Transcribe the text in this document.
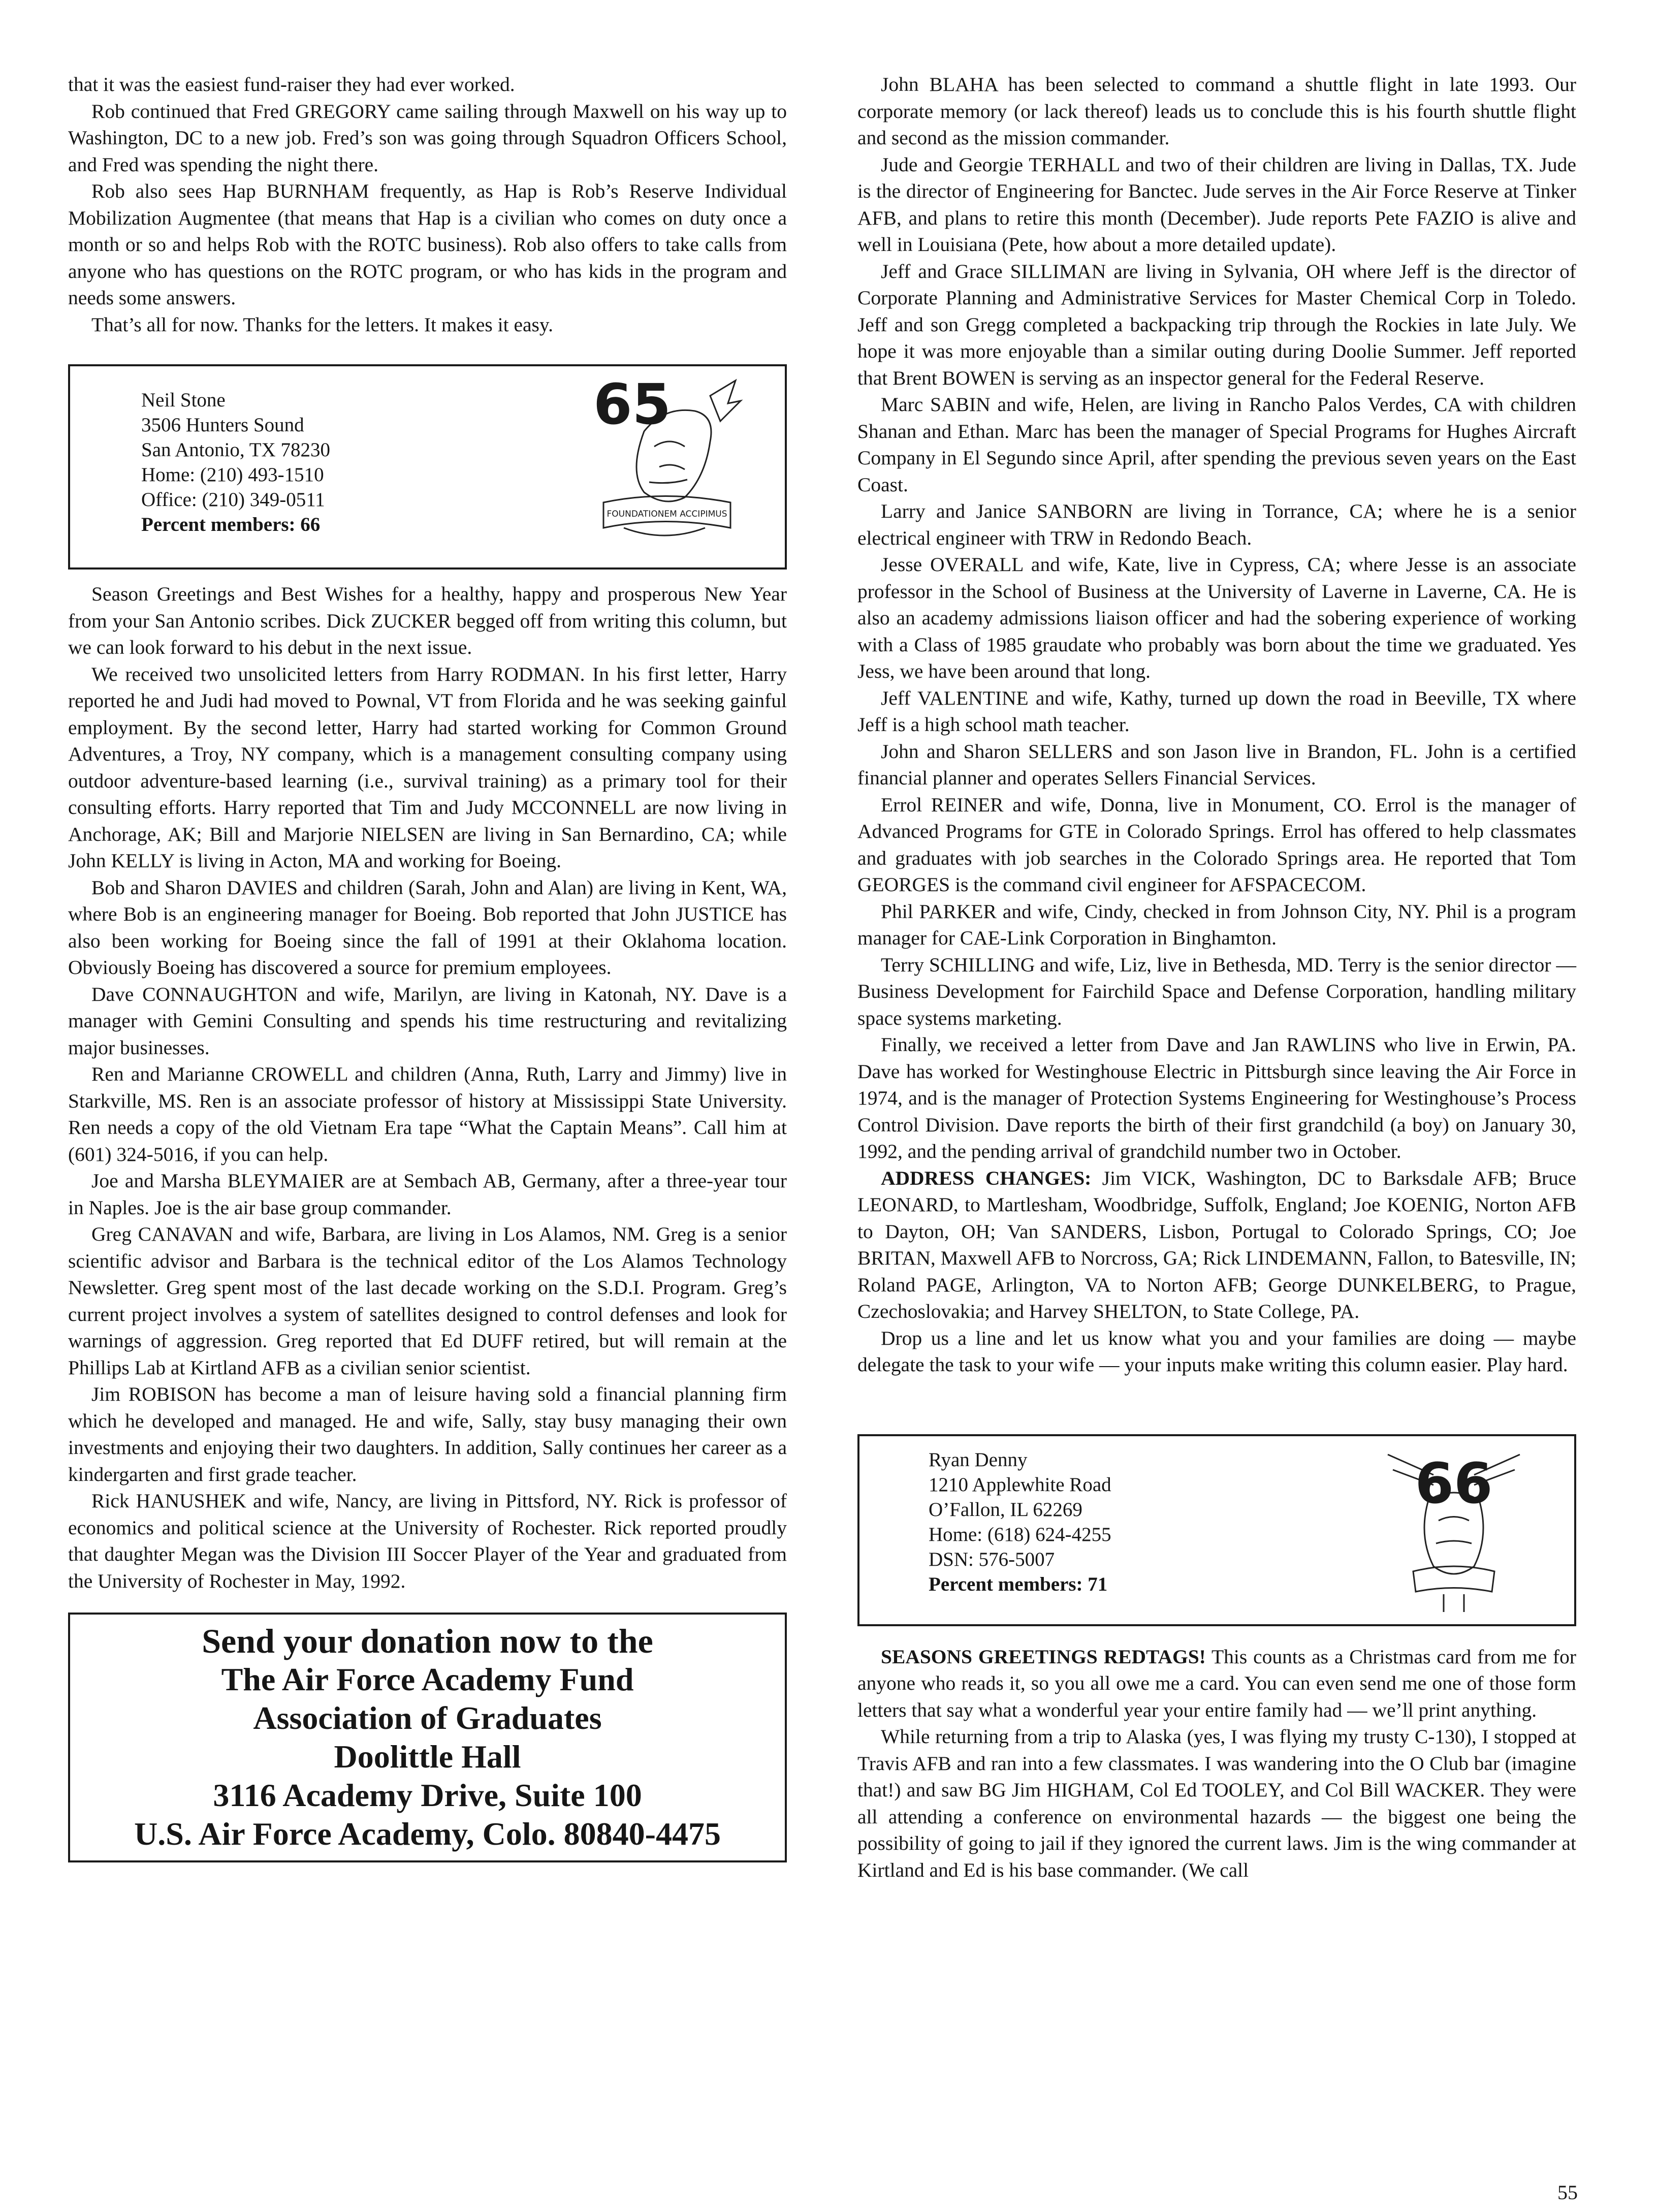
that it was the easiest fund-raiser they had ever worked.

Rob continued that Fred GREGORY came sailing through Maxwell on his way up to Washington, DC to a new job. Fred’s son was going through Squadron Officers School, and Fred was spending the night there.

Rob also sees Hap BURNHAM frequently, as Hap is Rob’s Reserve Individual Mobilization Augmentee (that means that Hap is a civilian who comes on duty once a month or so and helps Rob with the ROTC business). Rob also offers to take calls from anyone who has questions on the ROTC program, or who has kids in the program and needs some answers.

That’s all for now. Thanks for the letters. It makes it easy.

Neil Stone
3506 Hunters Sound
San Antonio, TX 78230
Home: (210) 493-1510
Office: (210) 349-0511
Percent members: 66
65
FOUNDATIONEM ACCIPIMUS

Season Greetings and Best Wishes for a healthy, happy and prosperous New Year from your San Antonio scribes. Dick ZUCKER begged off from writing this column, but we can look forward to his debut in the next issue.

We received two unsolicited letters from Harry RODMAN. In his first letter, Harry reported he and Judi had moved to Pownal, VT from Florida and he was seeking gainful employment. By the second letter, Harry had started working for Common Ground Adventures, a Troy, NY company, which is a management consulting company using outdoor adventure-based learning (i.e., survival training) as a primary tool for their consulting efforts. Harry reported that Tim and Judy MCCONNELL are now living in Anchorage, AK; Bill and Marjorie NIELSEN are living in San Bernardino, CA; while John KELLY is living in Acton, MA and working for Boeing.

Bob and Sharon DAVIES and children (Sarah, John and Alan) are living in Kent, WA, where Bob is an engineering manager for Boeing. Bob reported that John JUSTICE has also been working for Boeing since the fall of 1991 at their Oklahoma location. Obviously Boeing has discovered a source for premium employees.

Dave CONNAUGHTON and wife, Marilyn, are living in Katonah, NY. Dave is a manager with Gemini Consulting and spends his time restructuring and revitalizing major businesses.

Ren and Marianne CROWELL and children (Anna, Ruth, Larry and Jimmy) live in Starkville, MS. Ren is an associate professor of history at Mississippi State University. Ren needs a copy of the old Vietnam Era tape “What the Captain Means”. Call him at (601) 324-5016, if you can help.

Joe and Marsha BLEYMAIER are at Sembach AB, Germany, after a three-year tour in Naples. Joe is the air base group commander.

Greg CANAVAN and wife, Barbara, are living in Los Alamos, NM. Greg is a senior scientific advisor and Barbara is the technical editor of the Los Alamos Technology Newsletter. Greg spent most of the last decade working on the S.D.I. Program. Greg’s current project involves a system of satellites designed to control defenses and look for warnings of aggression. Greg reported that Ed DUFF retired, but will remain at the Phillips Lab at Kirtland AFB as a civilian senior scientist.

Jim ROBISON has become a man of leisure having sold a financial planning firm which he developed and managed. He and wife, Sally, stay busy managing their own investments and enjoying their two daughters. In addition, Sally continues her career as a kindergarten and first grade teacher.

Rick HANUSHEK and wife, Nancy, are living in Pittsford, NY. Rick is professor of economics and political science at the University of Rochester. Rick reported proudly that daughter Megan was the Division III Soccer Player of the Year and graduated from the University of Rochester in May, 1992.

Send your donation now to the
The Air Force Academy Fund
Association of Graduates
Doolittle Hall
3116 Academy Drive, Suite 100
U.S. Air Force Academy, Colo. 80840-4475

John BLAHA has been selected to command a shuttle flight in late 1993. Our corporate memory (or lack thereof) leads us to conclude this is his fourth shuttle flight and second as the mission commander.

Jude and Georgie TERHALL and two of their children are living in Dallas, TX. Jude is the director of Engineering for Banctec. Jude serves in the Air Force Reserve at Tinker AFB, and plans to retire this month (December). Jude reports Pete FAZIO is alive and well in Louisiana (Pete, how about a more detailed update).

Jeff and Grace SILLIMAN are living in Sylvania, OH where Jeff is the director of Corporate Planning and Administrative Services for Master Chemical Corp in Toledo. Jeff and son Gregg completed a backpacking trip through the Rockies in late July. We hope it was more enjoyable than a similar outing during Doolie Summer. Jeff reported that Brent BOWEN is serving as an inspector general for the Federal Reserve.

Marc SABIN and wife, Helen, are living in Rancho Palos Verdes, CA with children Shanan and Ethan. Marc has been the manager of Special Programs for Hughes Aircraft Company in El Segundo since April, after spending the previous seven years on the East Coast.

Larry and Janice SANBORN are living in Torrance, CA; where he is a senior electrical engineer with TRW in Redondo Beach.

Jesse OVERALL and wife, Kate, live in Cypress, CA; where Jesse is an associate professor in the School of Business at the University of Laverne in Laverne, CA. He is also an academy admissions liaison officer and had the sobering experience of working with a Class of 1985 graudate who probably was born about the time we graduated. Yes Jess, we have been around that long.

Jeff VALENTINE and wife, Kathy, turned up down the road in Beeville, TX where Jeff is a high school math teacher.

John and Sharon SELLERS and son Jason live in Brandon, FL. John is a certified financial planner and operates Sellers Financial Services.

Errol REINER and wife, Donna, live in Monument, CO. Errol is the manager of Advanced Programs for GTE in Colorado Springs. Errol has offered to help classmates and graduates with job searches in the Colorado Springs area. He reported that Tom GEORGES is the command civil engineer for AFSPACECOM.

Phil PARKER and wife, Cindy, checked in from Johnson City, NY. Phil is a program manager for CAE-Link Corporation in Binghamton.

Terry SCHILLING and wife, Liz, live in Bethesda, MD. Terry is the senior director — Business Development for Fairchild Space and Defense Corporation, handling military space systems marketing.

Finally, we received a letter from Dave and Jan RAWLINS who live in Erwin, PA. Dave has worked for Westinghouse Electric in Pittsburgh since leaving the Air Force in 1974, and is the manager of Protection Systems Engineering for Westinghouse’s Process Control Division. Dave reports the birth of their first grandchild (a boy) on January 30, 1992, and the pending arrival of grandchild number two in October.

ADDRESS CHANGES: Jim VICK, Washington, DC to Barksdale AFB; Bruce LEONARD, to Martlesham, Woodbridge, Suffolk, England; Joe KOENIG, Norton AFB to Dayton, OH; Van SANDERS, Lisbon, Portugal to Colorado Springs, CO; Joe BRITAN, Maxwell AFB to Norcross, GA; Rick LINDEMANN, Fallon, to Batesville, IN; Roland PAGE, Arlington, VA to Norton AFB; George DUNKELBERG, to Prague, Czechoslovakia; and Harvey SHELTON, to State College, PA.

Drop us a line and let us know what you and your families are doing — maybe delegate the task to your wife — your inputs make writing this column easier. Play hard.

Ryan Denny
1210 Applewhite Road
O’Fallon, IL 62269
Home: (618) 624-4255
DSN: 576-5007
Percent members: 71
66

SEASONS GREETINGS REDTAGS! This counts as a Christmas card from me for anyone who reads it, so you all owe me a card. You can even send me one of those form letters that say what a wonderful year your entire family had — we’ll print anything.

While returning from a trip to Alaska (yes, I was flying my trusty C-130), I stopped at Travis AFB and ran into a few classmates. I was wandering into the O Club bar (imagine that!) and saw BG Jim HIGHAM, Col Ed TOOLEY, and Col Bill WACKER. They were all attending a conference on environmental hazards — the biggest one being the possibility of going to jail if they ignored the current laws. Jim is the wing commander at Kirtland and Ed is his base commander. (We call

55
